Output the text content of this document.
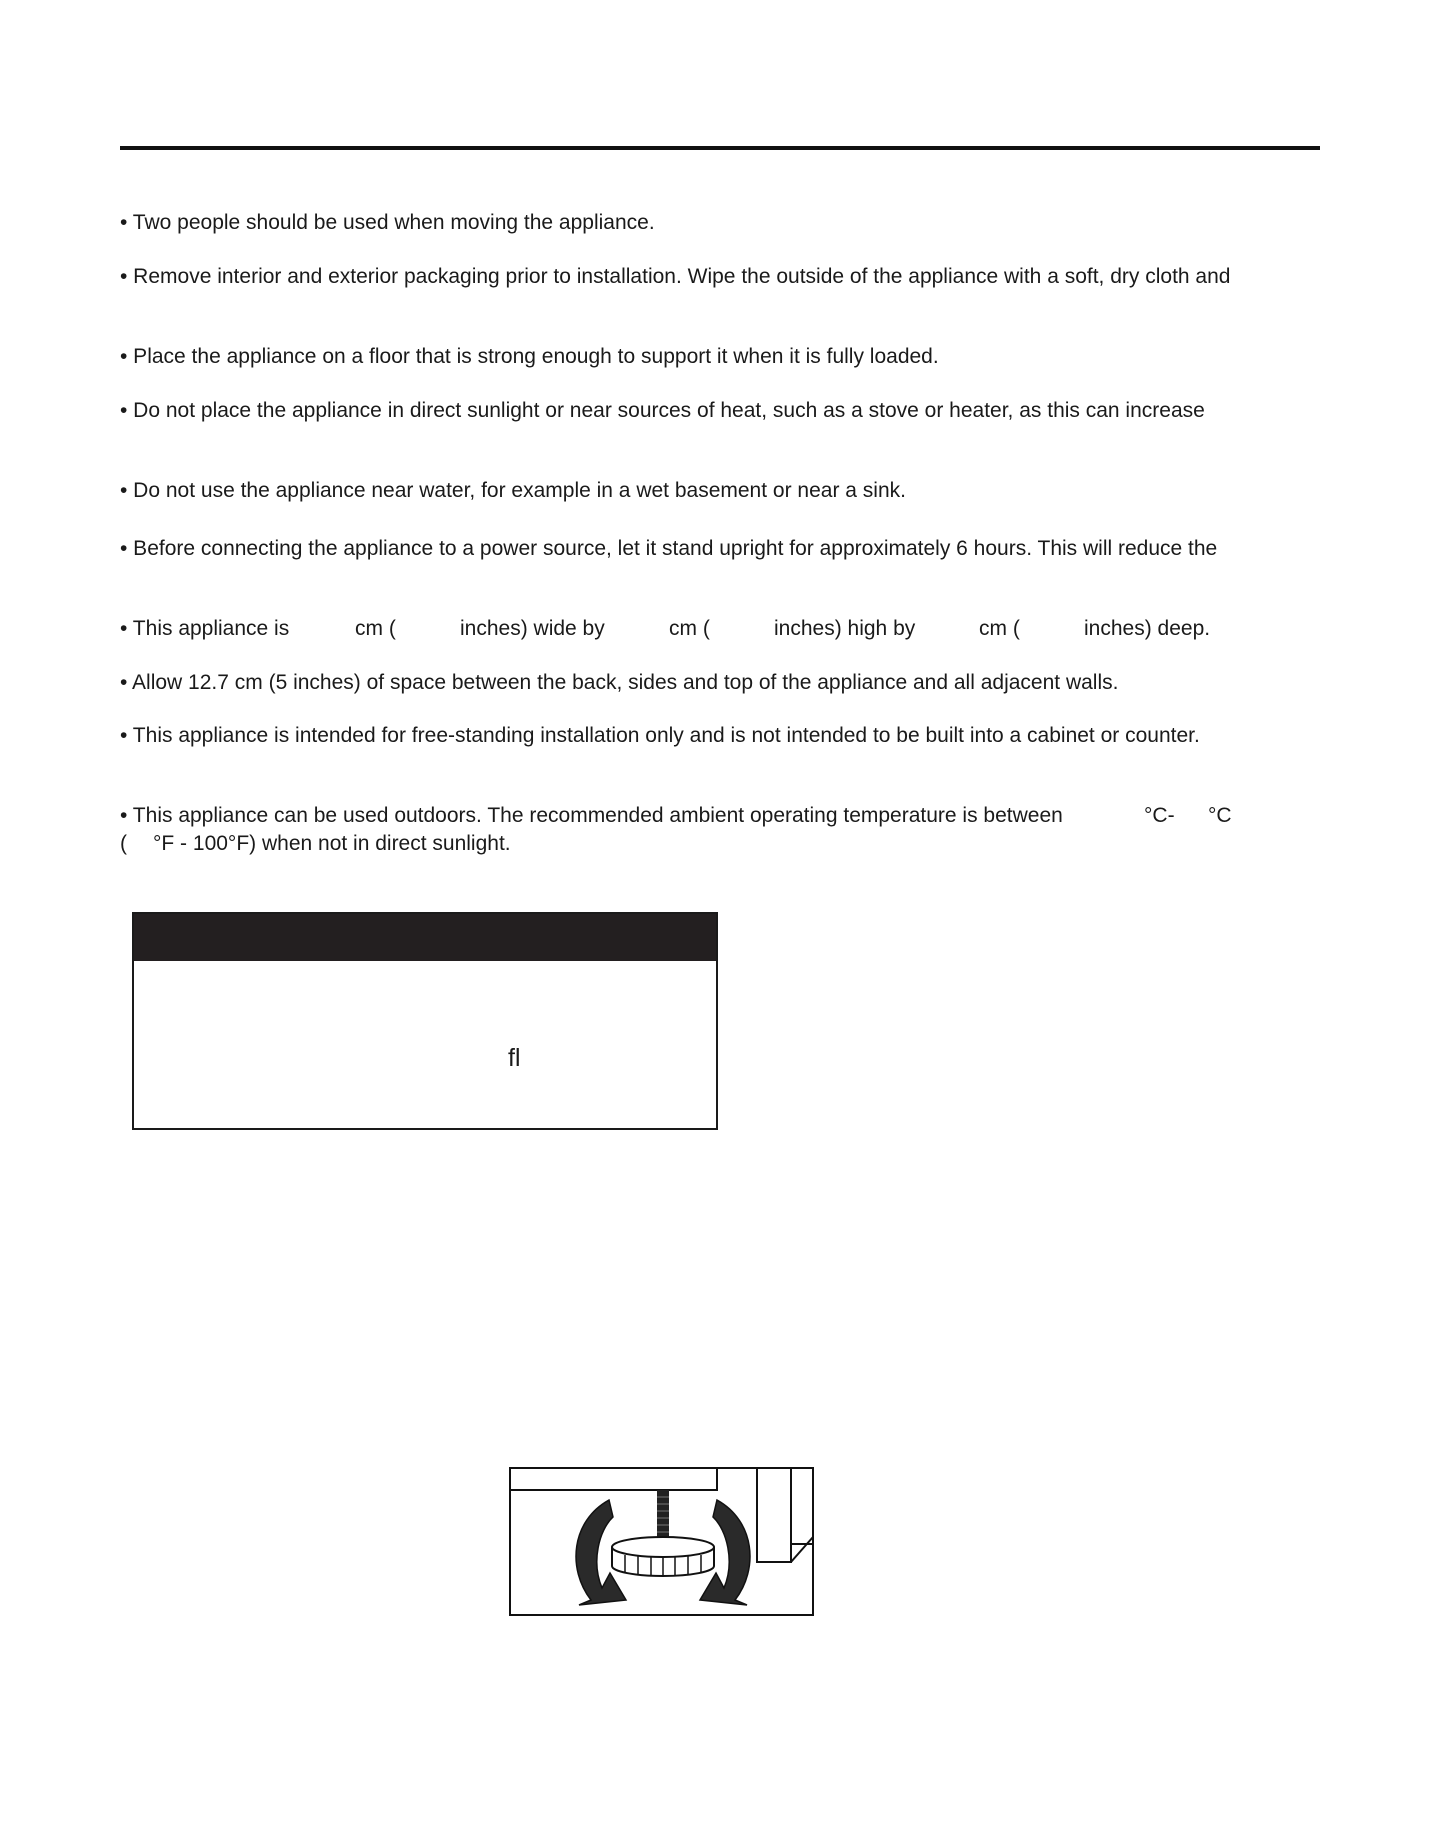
• Two people should be used when moving the appliance.
• Remove interior and exterior packaging prior to installation. Wipe the outside of the appliance with a soft, dry cloth and
• Place the appliance on a floor that is strong enough to support it when it is fully loaded.
• Do not place the appliance in direct sunlight or near sources of heat, such as a stove or heater, as this can increase
• Do not use the appliance near water, for example in a wet basement or near a sink.
• Before connecting the appliance to a power source, let it stand upright for approximately 6 hours. This will reduce the
• This appliance is	cm (	inches) wide by	cm (	inches) high by	cm (	inches) deep.
• Allow 12.7 cm (5 inches) of space between the back, sides and top of the appliance and all adjacent walls.
• This appliance is intended for free-standing installation only and is not intended to be built into a cabinet or counter.
• This appliance can be used outdoors. The recommended ambient operating temperature is between	°C- °C
( °F - 100°F) when not in direct sunlight.
ﬂ
